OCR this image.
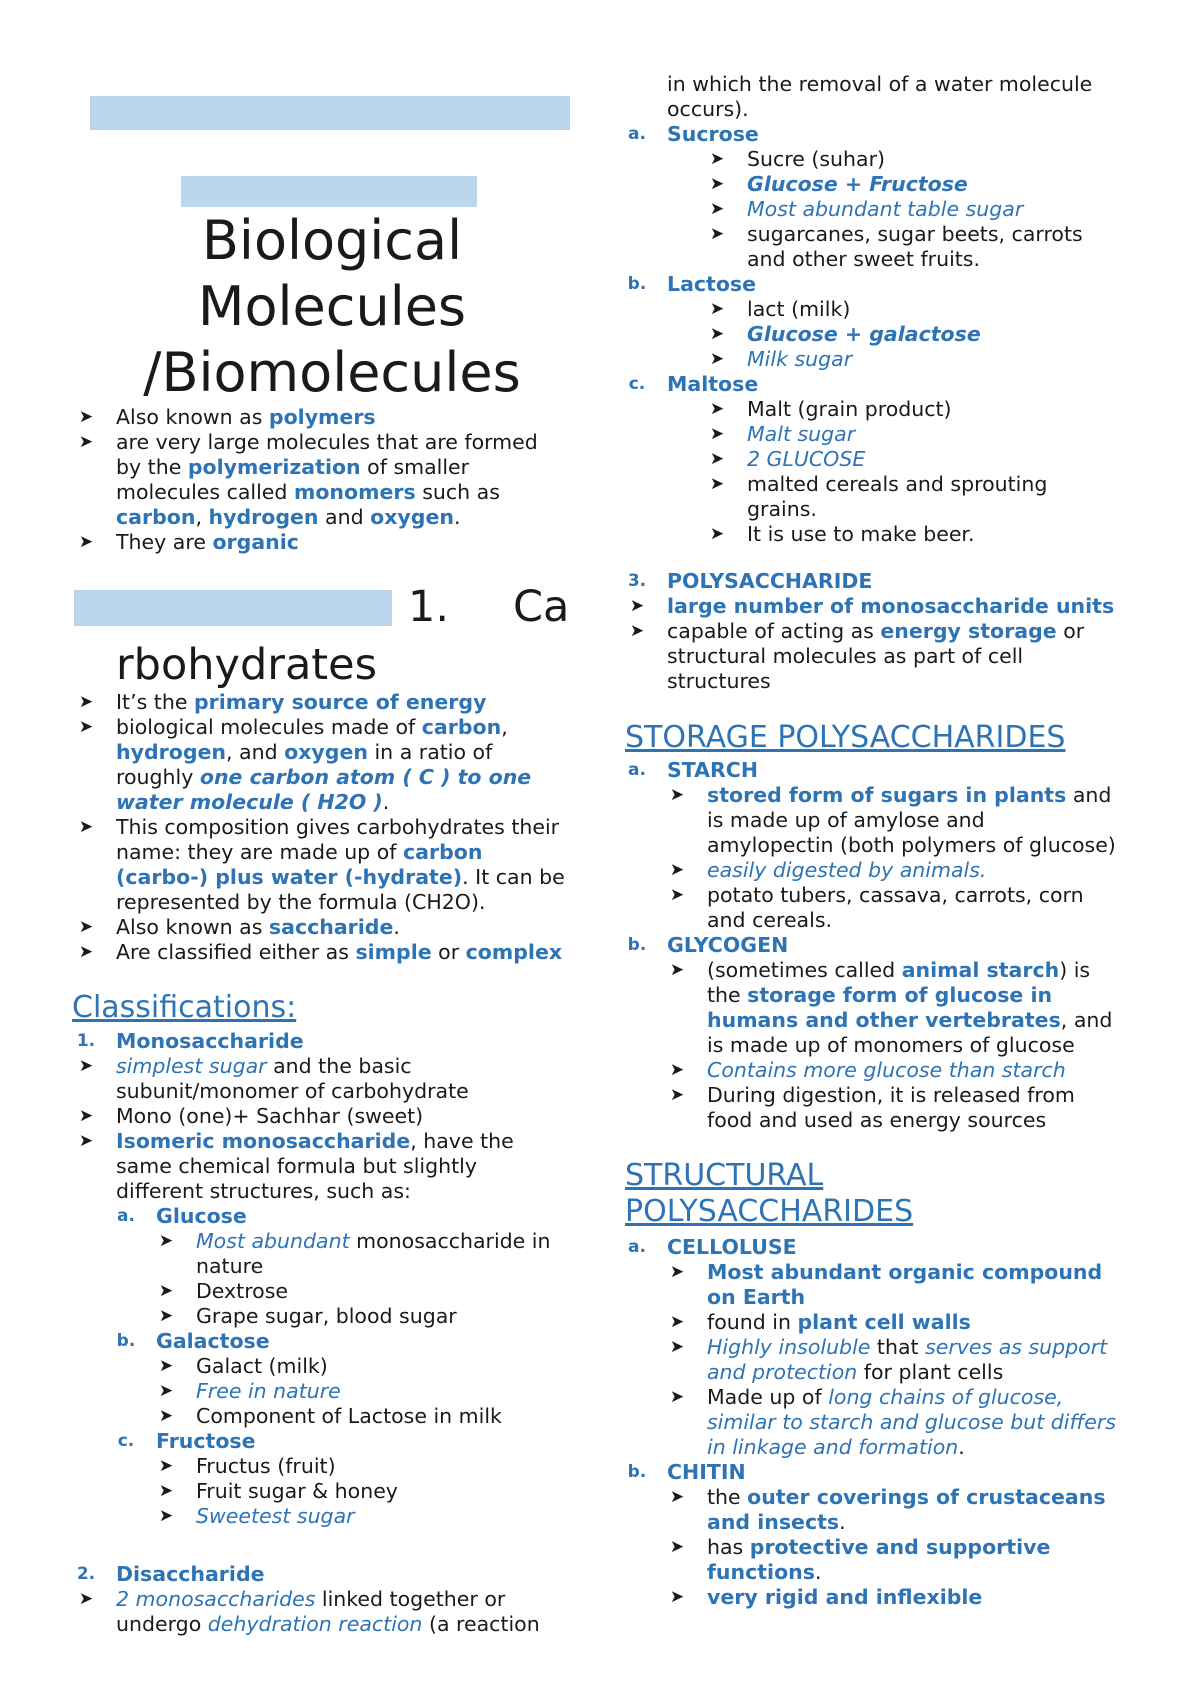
Biological
Molecules
/Biomolecules
➤ Also known as polymers
➤ are very large molecules that are formed
by the polymerization of smaller
molecules called monomers such as
carbon, hydrogen and oxygen.
➤ They are organic
1. Ca
rbohydrates
➤ It’s the primary source of energy
➤ biological molecules made of carbon,
hydrogen, and oxygen in a ratio of
roughly one carbon atom ( C ) to one
water molecule ( H2O ).
➤ This composition gives carbohydrates their
name: they are made up of carbon
(carbo-) plus water (-hydrate). It can be
represented by the formula (CH2O).
➤ Also known as saccharide.
➤ Are classified either as simple or complex
Classifications:
1. Monosaccharide
➤ simplest sugar and the basic
subunit/monomer of carbohydrate
➤ Mono (one)+ Sachhar (sweet)
➤ Isomeric monosaccharide, have the
same chemical formula but slightly
different structures, such as:
a. Glucose
➤ Most abundant monosaccharide in
nature
➤ Dextrose
➤ Grape sugar, blood sugar
b. Galactose
➤ Galact (milk)
➤ Free in nature
➤ Component of Lactose in milk
c. Fructose
➤ Fructus (fruit)
➤ Fruit sugar & honey
➤ Sweetest sugar
2. Disaccharide
➤ 2 monosaccharides linked together or
undergo dehydration reaction (a reaction
in which the removal of a water molecule
occurs).
a. Sucrose
➤ Sucre (suhar)
➤ Glucose + Fructose
➤ Most abundant table sugar
➤ sugarcanes, sugar beets, carrots
and other sweet fruits.
b. Lactose
➤ lact (milk)
➤ Glucose + galactose
➤ Milk sugar
c. Maltose
➤ Malt (grain product)
➤ Malt sugar
➤ 2 GLUCOSE
➤ malted cereals and sprouting
grains.
➤ It is use to make beer.
3. POLYSACCHARIDE
➤ large number of monosaccharide units
➤ capable of acting as energy storage or
structural molecules as part of cell
structures
STORAGE POLYSACCHARIDES
a. STARCH
➤ stored form of sugars in plants and
is made up of amylose and
amylopectin (both polymers of glucose)
➤ easily digested by animals.
➤ potato tubers, cassava, carrots, corn
and cereals.
b. GLYCOGEN
➤ (sometimes called animal starch) is
the storage form of glucose in
humans and other vertebrates, and
is made up of monomers of glucose
➤ Contains more glucose than starch
➤ During digestion, it is released from
food and used as energy sources
STRUCTURAL
POLYSACCHARIDES
a. CELLOLUSE
➤ Most abundant organic compound
on Earth
➤ found in plant cell walls
➤ Highly insoluble that serves as support
and protection for plant cells
➤ Made up of long chains of glucose,
similar to starch and glucose but differs
in linkage and formation.
b. CHITIN
➤ the outer coverings of crustaceans
and insects.
➤ has protective and supportive
functions.
➤ very rigid and inflexible
